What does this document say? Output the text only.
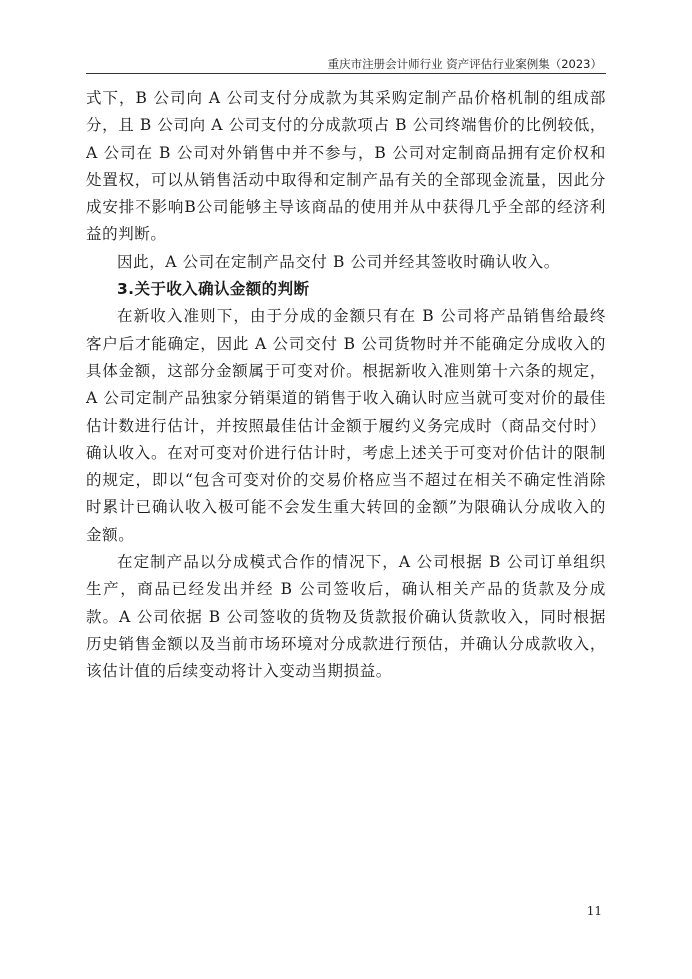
重庆市注册会计师行业 资产评估行业案例集（2023）

式下，B 公司向 A 公司支付分成款为其采购定制产品价格机制的组成部分，且 B 公司向 A 公司支付的分成款项占 B 公司终端售价的比例较低，A 公司在 B 公司对外销售中并不参与，B 公司对定制商品拥有定价权和处置权，可以从销售活动中取得和定制产品有关的全部现金流量，因此分成安排不影响B公司能够主导该商品的使用并从中获得几乎全部的经济利益的判断。

因此，A 公司在定制产品交付 B 公司并经其签收时确认收入。

3.关于收入确认金额的判断

在新收入准则下，由于分成的金额只有在 B 公司将产品销售给最终客户后才能确定，因此 A 公司交付 B 公司货物时并不能确定分成收入的具体金额，这部分金额属于可变对价。根据新收入准则第十六条的规定，A 公司定制产品独家分销渠道的销售于收入确认时应当就可变对价的最佳估计数进行估计，并按照最佳估计金额于履约义务完成时（商品交付时）确认收入。在对可变对价进行估计时，考虑上述关于可变对价估计的限制的规定，即以“包含可变对价的交易价格应当不超过在相关不确定性消除时累计已确认收入极可能不会发生重大转回的金额”为限确认分成收入的金额。

在定制产品以分成模式合作的情况下，A 公司根据 B 公司订单组织生产，商品已经发出并经 B 公司签收后，确认相关产品的货款及分成款。A 公司依据 B 公司签收的货物及货款报价确认货款收入，同时根据历史销售金额以及当前市场环境对分成款进行预估，并确认分成款收入，该估计值的后续变动将计入变动当期损益。

11
